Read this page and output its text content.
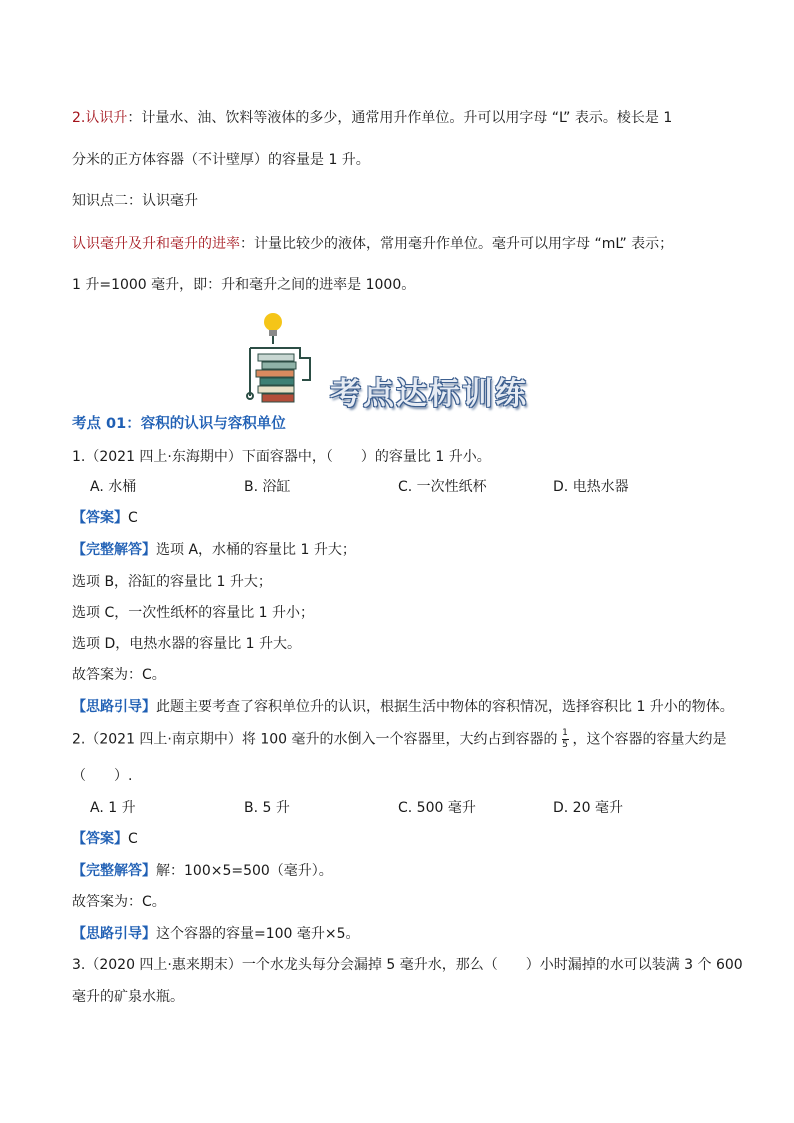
2.认识升：计量水、油、饮料等液体的多少，通常用升作单位。升可以用字母 “L” 表示。棱长是 1
分米的正方体容器（不计壁厚）的容量是 1 升。
知识点二：认识毫升
认识毫升及升和毫升的进率：计量比较少的液体，常用毫升作单位。毫升可以用字母 “mL” 表示；
1 升=1000 毫升，即：升和毫升之间的进率是 1000。
考点达标训练
考点 01：容积的认识与容积单位
1.（2021 四上·东海期中）下面容器中，（　　）的容量比 1 升小。
A. 水桶	B. 浴缸	C. 一次性纸杯	D. 电热水器
【答案】C
【完整解答】选项 A，水桶的容量比 1 升大；
选项 B，浴缸的容量比 1 升大；
选项 C，一次性纸杯的容量比 1 升小；
选项 D，电热水器的容量比 1 升大。
故答案为：C。
【思路引导】此题主要考查了容积单位升的认识，根据生活中物体的容积情况，选择容积比 1 升小的物体。
2.（2021 四上·南京期中）将 100 毫升的水倒入一个容器里，大约占到容器的 $\frac{1}{5}$ ，这个容器的容量大约是
（　　）.
A. 1 升	B. 5 升	C. 500 毫升	D. 20 毫升
【答案】C
【完整解答】解：100×5=500（毫升）。
故答案为：C。
【思路引导】这个容器的容量=100 毫升×5。
3.（2020 四上·惠来期末）一个水龙头每分会漏掉 5 毫升水，那么（　　）小时漏掉的水可以装满 3 个 600
毫升的矿泉水瓶。
